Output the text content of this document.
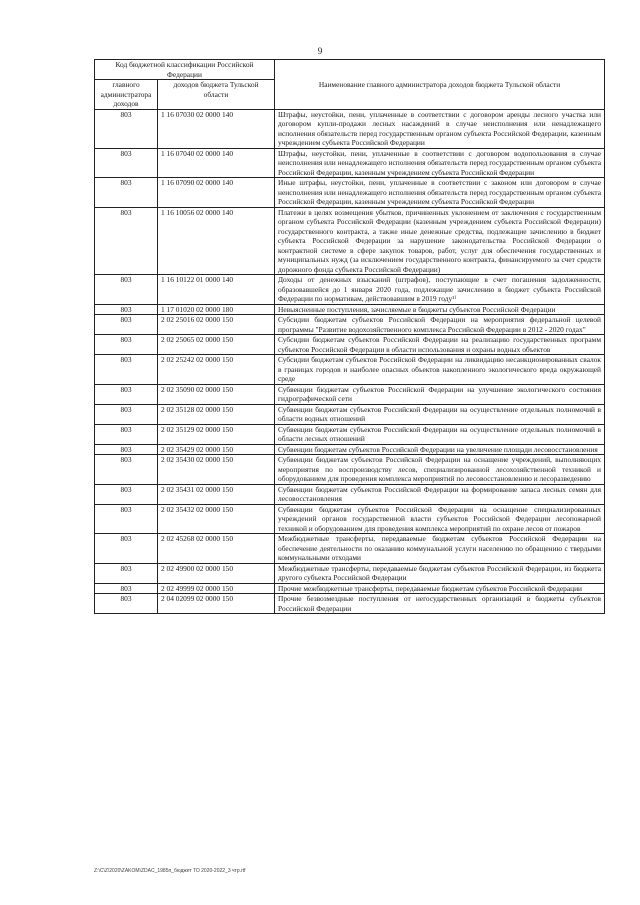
9
Код бюджетной классификации Российской Федерации		Наименование главного администратора доходов бюджета Тульской области
главного администратора доходов	доходов бюджета Тульской области	
803	1 16 07030 02 0000 140	Штрафы, неустойки, пени, уплаченные в соответствии с договором аренды лесного участка или договором купли-продажи лесных насаждений в случае неисполнения или ненадлежащего исполнения обязательств перед государственным органом субъекта Российской Федерации, казенным учреждением субъекта Российской Федерации
803	1 16 07040 02 0000 140	Штрафы, неустойки, пени, уплаченные в соответствии с договором водопользования в случае неисполнения или ненадлежащего исполнения обязательств перед государственным органом субъекта Российской Федерации, казенным учреждением субъекта Российской Федерации
803	1 16 07090 02 0000 140	Иные штрафы, неустойки, пени, уплаченные в соответствии с законом или договором в случае неисполнения или ненадлежащего исполнения обязательств перед государственным органом субъекта Российской Федерации, казенным учреждением субъекта Российской Федерации
803	1 16 10056 02 0000 140	Платежи в целях возмещения убытков, причиненных уклонением от заключения с государственным органом субъекта Российской Федерации (казенным учреждением субъекта Российской Федерации) государственного контракта, а также иные денежные средства, подлежащие зачислению в бюджет субъекта Российской Федерации за нарушение законодательства Российской Федерации о контрактной системе в сфере закупок товаров, работ, услуг для обеспечения государственных и муниципальных нужд (за исключением государственного контракта, финансируемого за счет средств дорожного фонда субъекта Российской Федерации)
803	1 16 10122 01 0000 140	Доходы от денежных взысканий (штрафов), поступающие в счет погашения задолженности, образовавшейся до 1 января 2020 года, подлежащие зачислению в бюджет субъекта Российской Федерации по нормативам, действовавшим в 2019 году¹⁾
803	1 17 01020 02 0000 180	Невыясненные поступления, зачисляемые в бюджеты субъектов Российской Федерации
803	2 02 25016 02 0000 150	Субсидии бюджетам субъектов Российской Федерации на мероприятия федеральной целевой программы "Развитие водохозяйственного комплекса Российской Федерации в 2012 - 2020 годах"
803	2 02 25065 02 0000 150	Субсидии бюджетам субъектов Российской Федерации на реализацию государственных программ субъектов Российской Федерации в области использования и охраны водных объектов
803	2 02 25242 02 0000 150	Субсидии бюджетам субъектов Российской Федерации на ликвидацию несанкционированных свалок в границах городов и наиболее опасных объектов накопленного экологического вреда окружающей среде
803	2 02 35090 02 0000 150	Субвенции бюджетам субъектов Российской Федерации на улучшение экологического состояния гидрографической сети
803	2 02 35128 02 0000 150	Субвенции бюджетам субъектов Российской Федерации на осуществление отдельных полномочий в области водных отношений
803	2 02 35129 02 0000 150	Субвенции бюджетам субъектов Российской Федерации на осуществление отдельных полномочий в области лесных отношений
803	2 02 35429 02 0000 150	Субвенции бюджетам субъектов Российской Федерации на увеличение площади лесовосстановления
803	2 02 35430 02 0000 150	Субвенции бюджетам субъектов Российской Федерации на оснащение учреждений, выполняющих мероприятия по воспроизводству лесов, специализированной лесохозяйственной техникой и оборудованием для проведения комплекса мероприятий по лесовосстановлению и лесоразведению
803	2 02 35431 02 0000 150	Субвенции бюджетам субъектов Российской Федерации на формирование запаса лесных семян для лесовосстановления
803	2 02 35432 02 0000 150	Субвенции бюджетам субъектов Российской Федерации на оснащение специализированных учреждений органов государственной власти субъектов Российской Федерации лесопожарной техникой и оборудованием для проведения комплекса мероприятий по охране лесов от пожаров
803	2 02 45268 02 0000 150	Межбюджетные трансферты, передаваемые бюджетам субъектов Российской Федерации на обеспечение деятельности по оказанию коммунальной услуги населению по обращению с твердыми коммунальными отходами
803	2 02 49900 02 0000 150	Межбюджетные трансферты, передаваемые бюджетам субъектов Российской Федерации, из бюджета другого субъекта Российской Федерации
803	2 02 49999 02 0000 150	Прочие межбюджетные трансферты, передаваемые бюджетам субъектов Российской Федерации
803	2 04 02099 02 0000 150	Прочие безвозмездные поступления от негосударственных организаций в бюджеты субъектов Российской Федерации
Z:\C\Z\2020\ZAKOM\ZDAC_1985п_бюджет ТО 2020-2022_3 чтр.rtf
